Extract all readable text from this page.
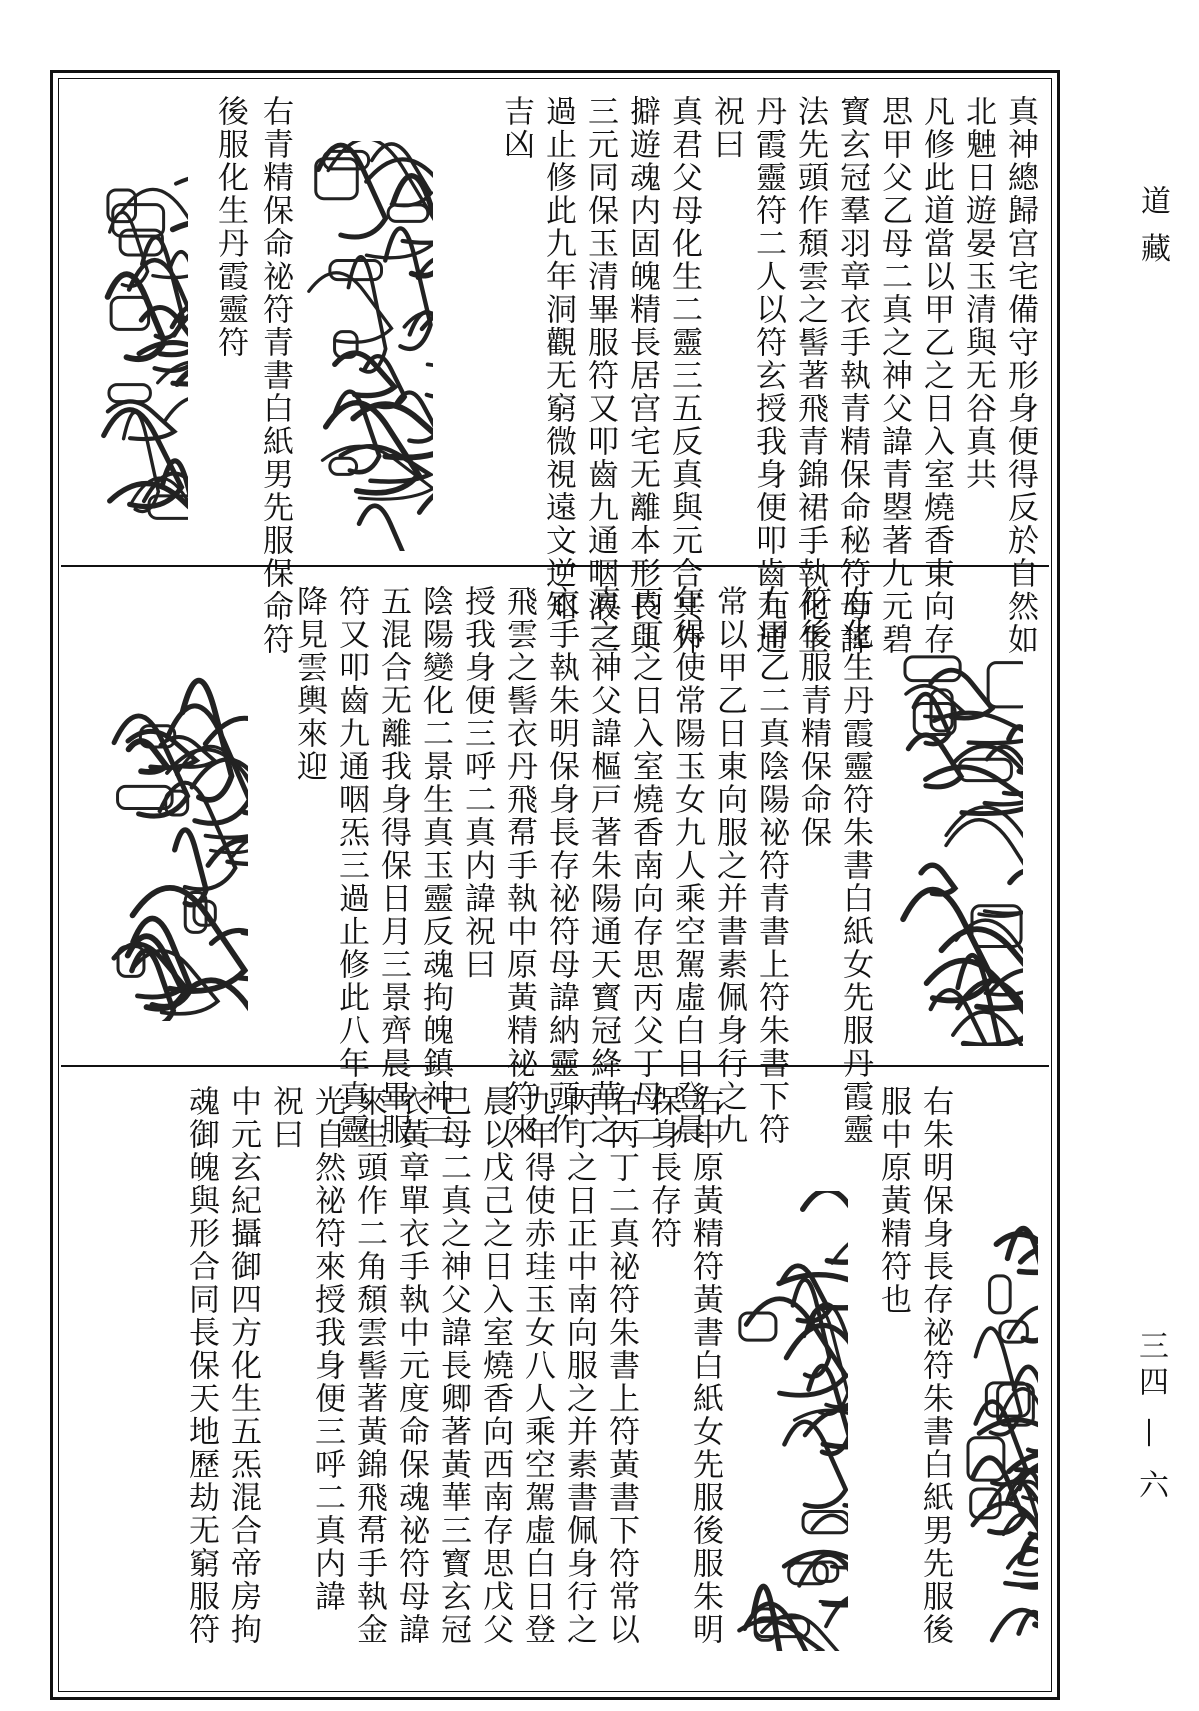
真神總歸宫宅備守形身便得反於自然如
北䰠日遊晏玉清與无谷真共
凡修此道當以甲乙之日入室燒香東向存
思甲父乙母二真之神父諱青曌著九元碧
寳玄冠羣羽章衣手執青精保命秘符母諱
法先頭作頹雲之髻著飛青錦裙手執化生
丹霞靈符二人以符玄授我身便叩齒九通
祝曰
真君父母化生二靈三五反真與元合冥外
擗遊魂内固魄精長居宫宅无離本形長與
三元同保玉清畢服符又叩齒九通咽液三
過止修此九年洞觀无窮微視遠文逆知
吉凶
右青精保命祕符青書白紙男先服保命符
後服化生丹霞靈符
右化生丹霞靈符朱書白紙女先服丹霞靈
符後服青精保命保
右甲乙二真陰陽祕符青書上符朱書下符
常以甲乙日東向服之并書素佩身行之九
年得使常陽玉女九人乘空駕虛白日登晨
丙丁之日入室燒香南向存思丙父丁母二
真之神父諱樞戸著朱陽通天寳冠絳華之
衣手執朱明保身長存祕符母諱納靈頭作
飛雲之髻衣丹飛帬手執中原黃精祕符來
授我身便三呼二真内諱祝曰
陰陽變化二景生真玉靈反魂拘魄鎮神三
五混合无離我身得保日月三景齊晨畢服
符又叩齒九通咽炁三過止修此八年真靈
降見雲輿來迎
右朱明保身長存祕符朱書白紙男先服後
服中原黃精符也
右中原黃精符黃書白紙女先服後服朱明
保身長存符
右丙丁二真祕符朱書上符黃書下符常以
丙丁之日正中南向服之并素書佩身行之
九年得使赤珪玉女八人乘空駕虛白日登
晨以戊己之日入室燒香向西南存思戊父
己母二真之神父諱長卿著黃華三寳玄冠
衣黃章單衣手執中元度命保魂祕符母諱
來生頭作二角頹雲髻著黃錦飛帬手執金
光自然祕符來授我身便三呼二真内諱
祝曰
中元玄紀攝御四方化生五炁混合帝房拘
魂御魄與形合同長保天地歷劫无窮服符
道 藏
三四 — 六
